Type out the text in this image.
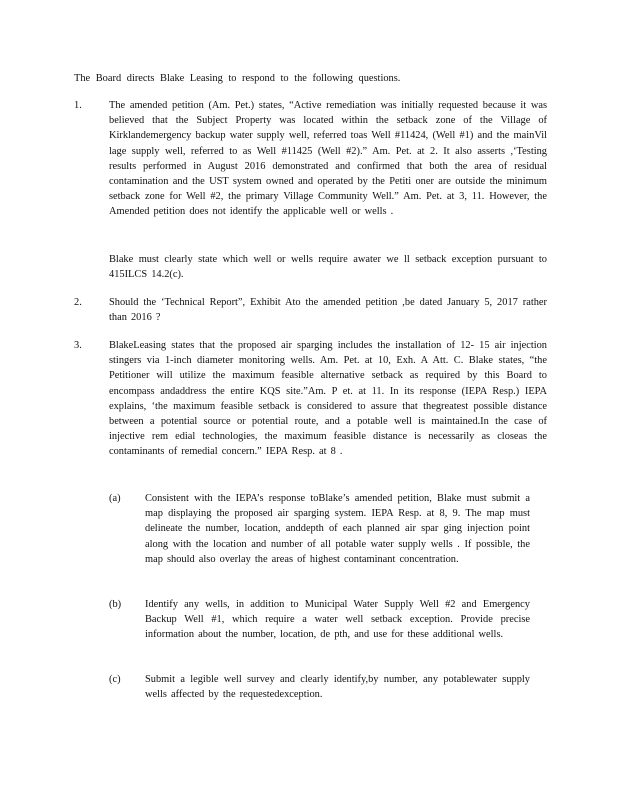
The Board directs Blake Leasing to respond to the following questions.
1.	The amended petition (Am. Pet.) states, “Active remediation was initially requested because it was believed that the Subject Property was located within the setback zone of the Village of Kirklandemergency backup water supply well, referred toas Well #11424, (Well #1) and the mainVil lage supply well, referred to as Well #11425 (Well #2).” Am. Pet. at 2. It also asserts ,‘Testing results performed in August 2016 demonstrated and confirmed that both the area of residual contamination and the UST system owned and operated by the Petiti oner are outside the minimum setback zone for Well #2, the primary Village Community Well.” Am. Pet. at 3, 11. However, the Amended petition does not identify the applicable well or wells .
Blake must clearly state which well or wells require awater we ll setback exception pursuant to 415ILCS 14.2(c).
2.	Should the ‘Technical Report”, Exhibit Ato the amended petition ,be dated January 5, 2017 rather than 2016 ?
3.	BlakeLeasing states that the proposed air sparging includes the installation of 12- 15 air injection stingers via 1-inch diameter monitoring wells. Am. Pet. at 10, Exh. A Att. C. Blake states, “the Petitioner will utilize the maximum feasible alternative setback as required by this Board to encompass andaddress the entire KQS site.”Am. P et. at 11. In its response (IEPA Resp.) IEPA explains, ‘the maximum feasible setback is considered to assure that thegreatest possible distance between a potential source or potential route, and a potable well is maintained.In the case of injective rem edial technologies, the maximum feasible distance is necessarily as closeas the contaminants of remedial concern.” IEPA Resp. at 8 .
(a) Consistent with the IEPA’s response toBlake’s amended petition, Blake must submit a map displaying the proposed air sparging system. IEPA Resp. at 8, 9. The map must delineate the number, location, anddepth of each planned air spar ging injection point along with the location and number of all potable water supply wells . If possible, the map should also overlay the areas of highest contaminant concentration.
(b) Identify any wells, in addition to Municipal Water Supply Well #2 and Emergency Backup Well #1, which require a water well setback exception. Provide precise information about the number, location, de pth, and use for these additional wells.
(c) Submit a legible well survey and clearly identify,by number, any potablewater supply wells affected by the requestedexception.
